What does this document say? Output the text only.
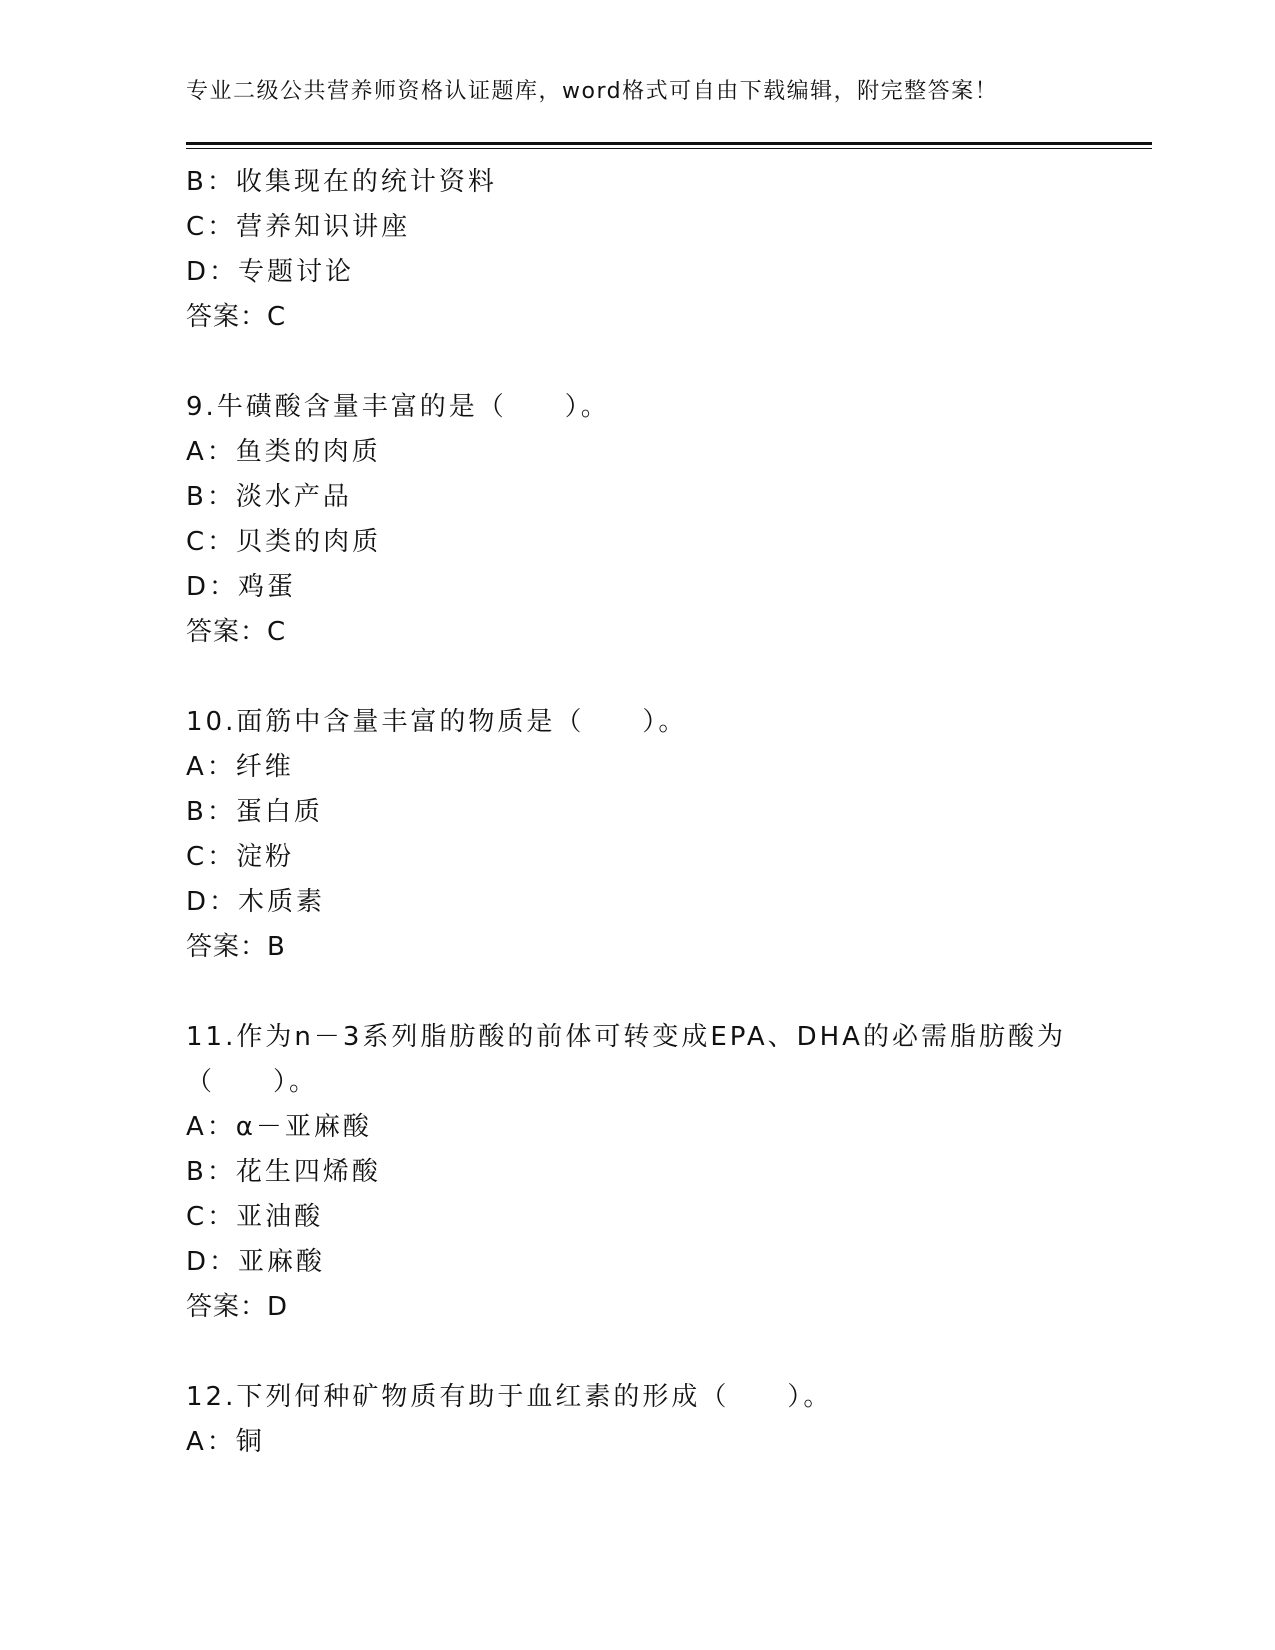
专业二级公共营养师资格认证题库，word格式可自由下载编辑，附完整答案！
B：收集现在的统计资料
C：营养知识讲座
D：专题讨论
答案：C
9.牛磺酸含量丰富的是（　　）。
A：鱼类的肉质
B：淡水产品
C：贝类的肉质
D：鸡蛋
答案：C
10.面筋中含量丰富的物质是（　　）。
A：纤维
B：蛋白质
C：淀粉
D：木质素
答案：B
11.作为n－3系列脂肪酸的前体可转变成EPA、DHA的必需脂肪酸为（　　）。
A：α－亚麻酸
B：花生四烯酸
C：亚油酸
D：亚麻酸
答案：D
12.下列何种矿物质有助于血红素的形成（　　）。
A：铜
